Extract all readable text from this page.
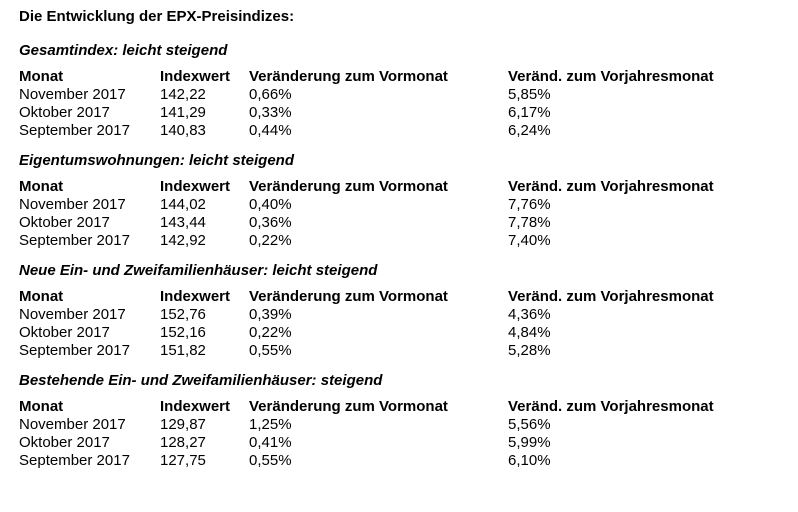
Die Entwicklung der EPX-Preisindizes:
Gesamtindex: leicht steigend
Monat	Indexwert	Veränderung zum Vormonat	Veränd. zum Vorjahresmonat
November 2017	142,22	0,66%	5,85%
Oktober 2017	141,29	0,33%	6,17%
September 2017	140,83	0,44%	6,24%
Eigentumswohnungen: leicht steigend
Monat	Indexwert	Veränderung zum Vormonat	Veränd. zum Vorjahresmonat
November 2017	144,02	0,40%	7,76%
Oktober 2017	143,44	0,36%	7,78%
September 2017	142,92	0,22%	7,40%
Neue Ein- und Zweifamilienhäuser: leicht steigend
Monat	Indexwert	Veränderung zum Vormonat	Veränd. zum Vorjahresmonat
November 2017	152,76	0,39%	4,36%
Oktober 2017	152,16	0,22%	4,84%
September 2017	151,82	0,55%	5,28%
Bestehende Ein- und Zweifamilienhäuser: steigend
Monat	Indexwert	Veränderung zum Vormonat	Veränd. zum Vorjahresmonat
November 2017	129,87	1,25%	5,56%
Oktober 2017	128,27	0,41%	5,99%
September 2017	127,75	0,55%	6,10%
